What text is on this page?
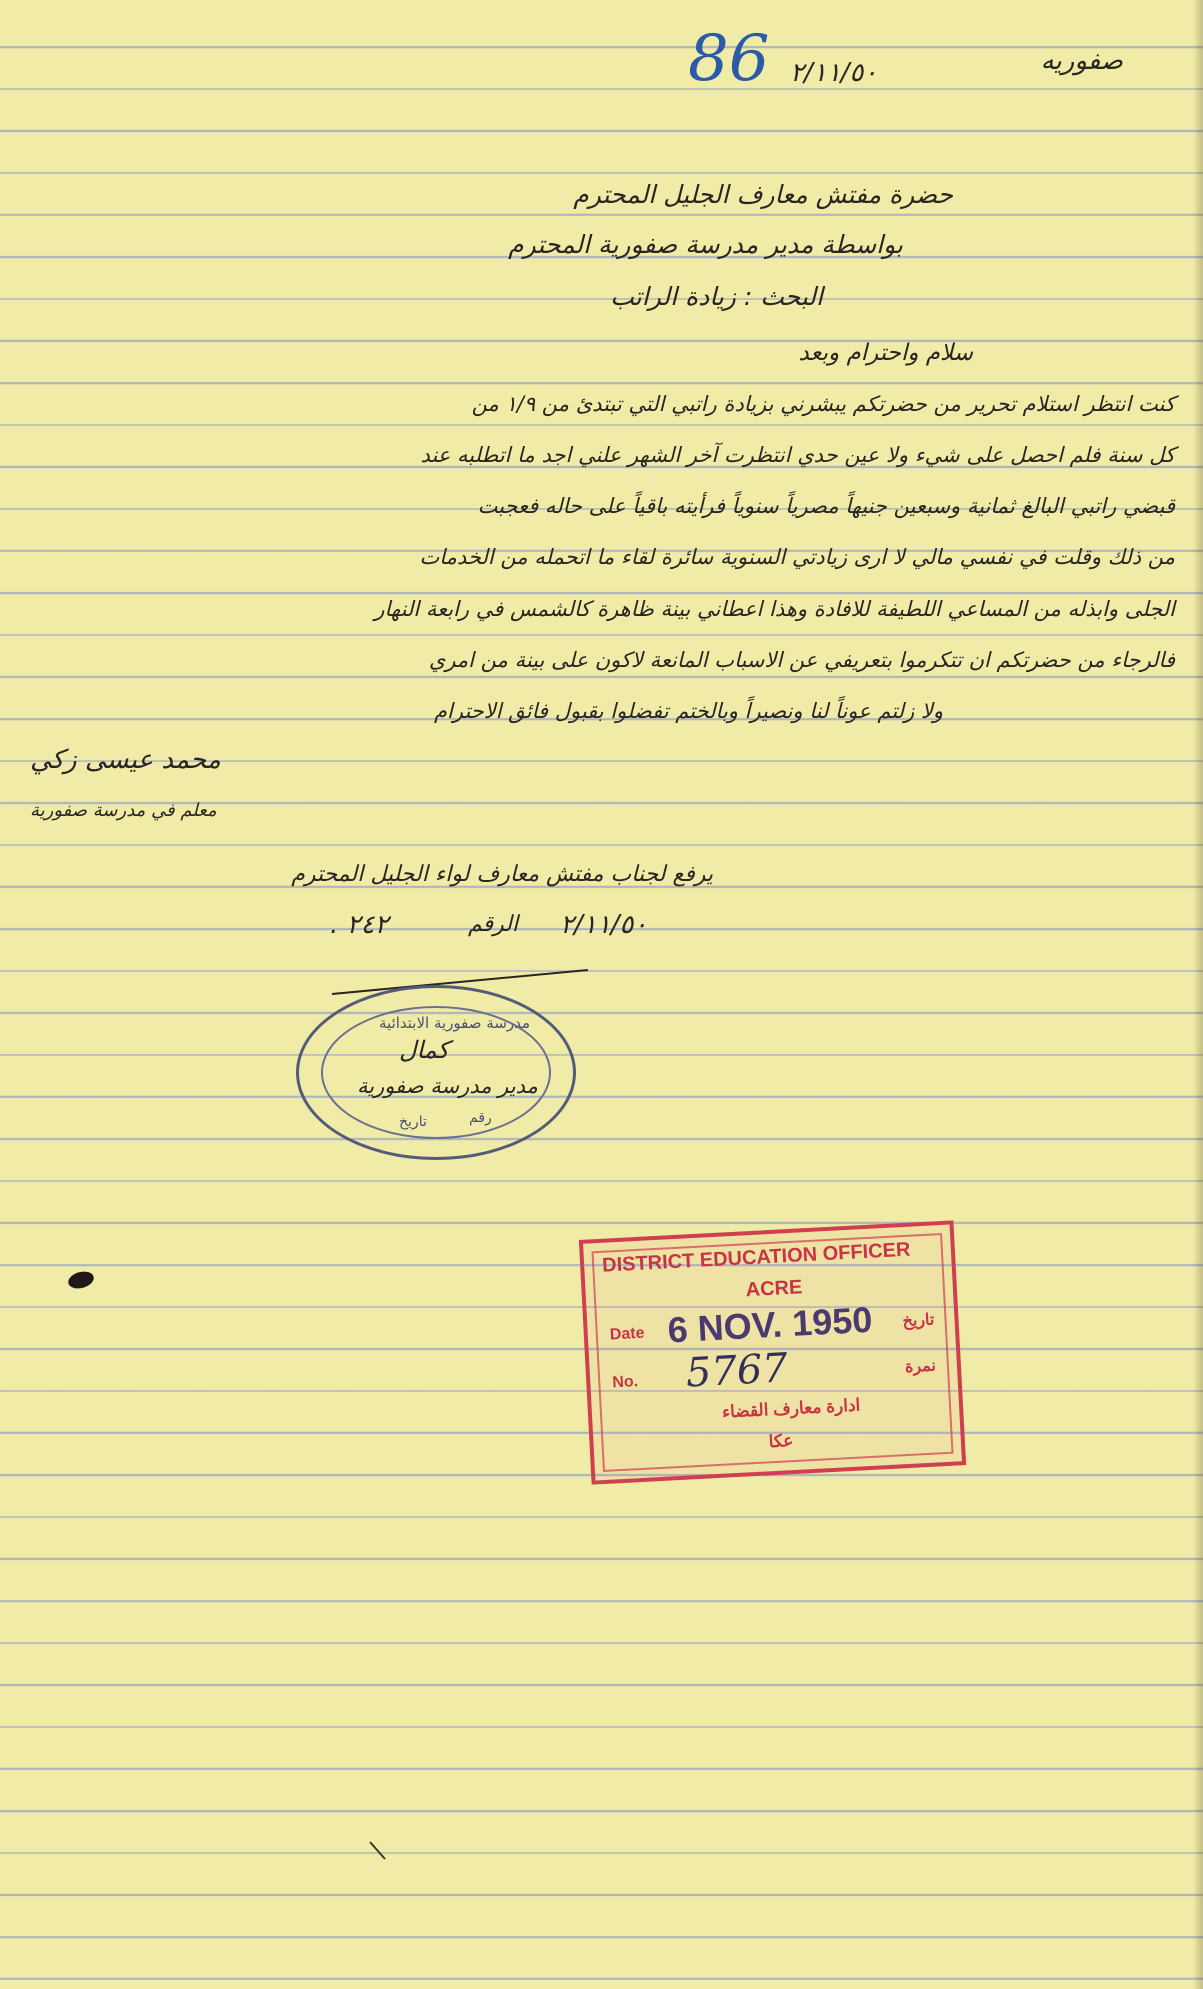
86 ٢/١١/٥٠	صفوريه
حضرة مفتش معارف الجليل المحترم
بواسطة مدير مدرسة صفورية المحترم
البحث : زيادة الراتب
سلام واحترام وبعد
كنت انتظر استلام تحرير من حضرتكم يبشرني بزيادة راتبي التي تبتدئ من ١/٩ من
كل سنة فلم احصل على شيء ولا عين حدي انتظرت آخر الشهر علني اجد ما اتطلبه عند
قبضي راتبي البالغ ثمانية وسبعين جنيهاً مصرياً سنوياً فرأيته باقياً على حاله فعجبت
من ذلك وقلت في نفسي مالي لا ارى زيادتي السنوية سائرة لقاء ما اتحمله من الخدمات
الجلى وابذله من المساعي اللطيفة للافادة وهذا اعطاني بينة ظاهرة كالشمس في رابعة النهار
فالرجاء من حضرتكم ان تتكرموا بتعريفي عن الاسباب المانعة لاكون على بينة من امري
ولا زلتم عوناً لنا ونصيراً وبالختم تفضلوا بقبول فائق الاحترام
محمد عيسى زكي
معلم في مدرسة صفورية
يرفع لجناب مفتش معارف لواء الجليل المحترم
٢/١١/٥٠
الرقم
٢٤٢ .
مدرسة صفورية الابتدائية
كمال
مدير مدرسة صفورية
رقم
تاريخ
DISTRICT EDUCATION OFFICER
ACRE
Date 6 NOV. 1950 تاريخ
No. 5767	نمرة
ادارة معارف القضاء
عكا
